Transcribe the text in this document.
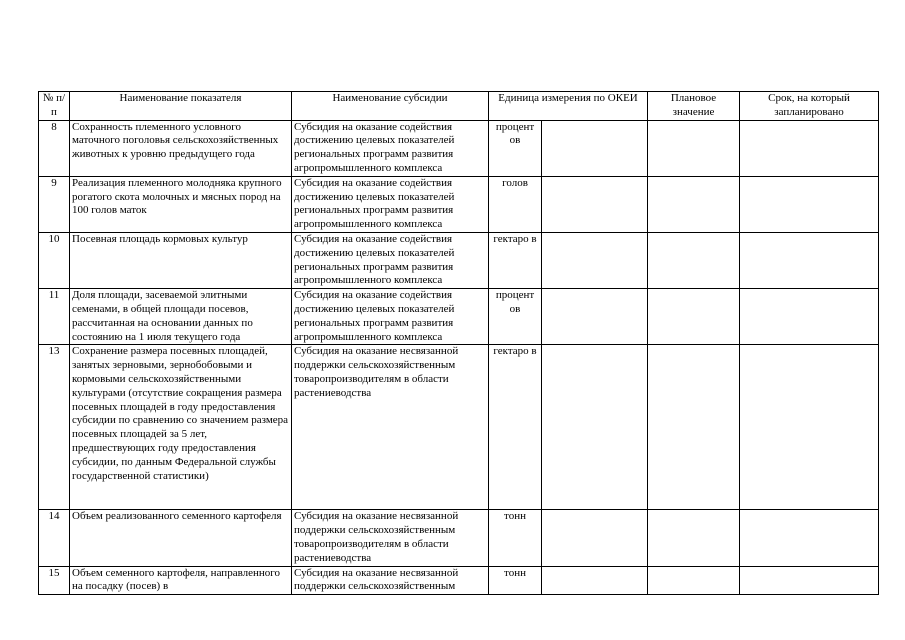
№ п/п	Наименование показателя	Наименование субсидии	Единица измерения по ОКЕИ		Плановое значение	Срок, на который запланировано
8	Сохранность племенного условного маточного поголовья сельскохозяйственных животных к уровню предыдущего года	Субсидия на оказание содействия достижению целевых показателей региональных программ развития агропромышленного комплекса	процент ов			
9	Реализация племенного молодняка крупного рогатого скота молочных и мясных пород на 100 голов маток	Субсидия на оказание содействия достижению целевых показателей региональных программ развития агропромышленного комплекса	голов			
10	Посевная площадь кормовых культур	Субсидия на оказание содействия достижению целевых показателей региональных программ развития агропромышленного комплекса	гектаро в			
11	Доля площади, засеваемой элитными семенами, в общей площади посевов, рассчитанная на основании данных по состоянию на 1 июля текущего года	Субсидия на оказание содействия достижению целевых показателей региональных программ развития агропромышленного комплекса	процент ов			
13	Сохранение размера посевных площадей, занятых зерновыми, зернобобовыми и кормовыми сельскохозяйственными культурами (отсутствие сокращения размера посевных площадей в году предоставления субсидии по сравнению со значением размера посевных площадей за 5 лет, предшествующих году предоставления субсидии, по данным Федеральной службы государственной статистики)	Субсидия на оказание несвязанной поддержки сельскохозяйственным товаропроизводителям в области растениеводства	гектаро в			
14	Объем реализованного семенного картофеля	Субсидия на оказание несвязанной поддержки сельскохозяйственным товаропроизводителям в области растениеводства	тонн			
15	Объем семенного картофеля, направленного на посадку (посев) в	Субсидия на оказание несвязанной поддержки сельскохозяйственным	тонн			
